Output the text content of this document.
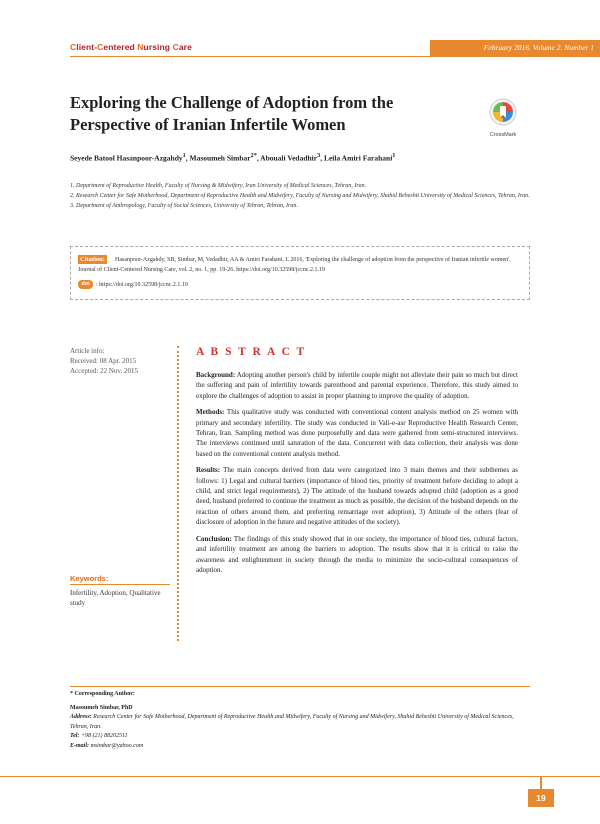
Client-Centered Nursing Care	February 2016. Volume 2. Number 1
Exploring the Challenge of Adoption from the Perspective of Iranian Infertile Women
CrossMark
Seyede Batool Hasanpoor-Azgahdy$^1$, Masoumeh Simbar$^{2*}$, Abouali Vedadhir$^3$, Leila Amiri Farahani$^1$
1. Department of Reproductive Health, Faculty of Nursing & Midwifery, Iran University of Medical Sciences, Tehran, Iran.
2. Research Center for Safe Motherhood, Department of Reproductive Health and Midwifery, Faculty of Nursing and Midwifery, Shahid Beheshti University of Medical Sciences, Tehran, Iran.
3. Department of Anthropology, Faculty of Social Sciences, University of Tehran, Tehran, Iran.
Hasanpoor-Azgahdy, SB, Simbar, M, Vedadhir, AA & Amiri Farahani, L 2016, 'Exploring the challenge of adoption from the perspective of Iranian infertile women', Journal of Client-Centered Nursing Care, vol. 2, no. 1, pp. 19-26. https://doi.org/10.32598/jccnc.2.1.19
Citation:
doi : https://doi.org/10.32598/jccnc.2.1.19
Article info:
Received: 08 Apr. 2015
Accepted: 22 Nov. 2015
A B S T R A C T

Background: Adopting another person's child by infertile couple might not alleviate their pain so much but direct the suffering and pain of infertility towards parenthood and parental experience. Therefore, this study aimed to explore the challenges of adoption to assist in proper planning to improve the quality of adoption.

Methods: This qualitative study was conducted with conventional content analysis method on 25 women with primary and secondary infertility. The study was conducted in Vali-e-asr Reproductive Health Research Center, Tehran, Iran. Sampling method was done purposefully and data were gathered from semi-structured interviews. The interviews continued until saturation of the data. Concurrent with data collection, their analysis was done based on the conventional content analysis method.

Results: The main concepts derived from data were categorized into 3 main themes and their subthemes as follows: 1) Legal and cultural barriers (importance of blood ties, priority of treatment before deciding to adopt a child, and strict legal requirements), 2) The attitude of the husband towards adopted child (adoption as a good deed, husband preferred to continue the treatment as much as possible, the decision of the husband depends on the reaction of others around them, and preferring remarriage over adoption), 3) Attitude of the others (fear of disclosure of adoption in the future and negative attitudes of the society).

Conclusion: The findings of this study showed that in our society, the importance of blood ties, cultural factors, and infertility treatment are among the barriers to adoption. The results show that it is critical to raise the awareness and enlightenment in society through the media to minimize the socio-cultural consequences of adoption.

Keywords:
Infertility, Adoption, Qualitative study
* Corresponding Author:
Masoumeh Simbar, PhD
Address: Research Center for Safe Motherhood, Department of Reproductive Health and Midwifery, Faculty of Nursing and Midwifery, Shahid Beheshti University of Medical Sciences, Tehran, Iran.
Tel: +98 (21) 88202511
E-mail: msimbar@yahoo.com
19
